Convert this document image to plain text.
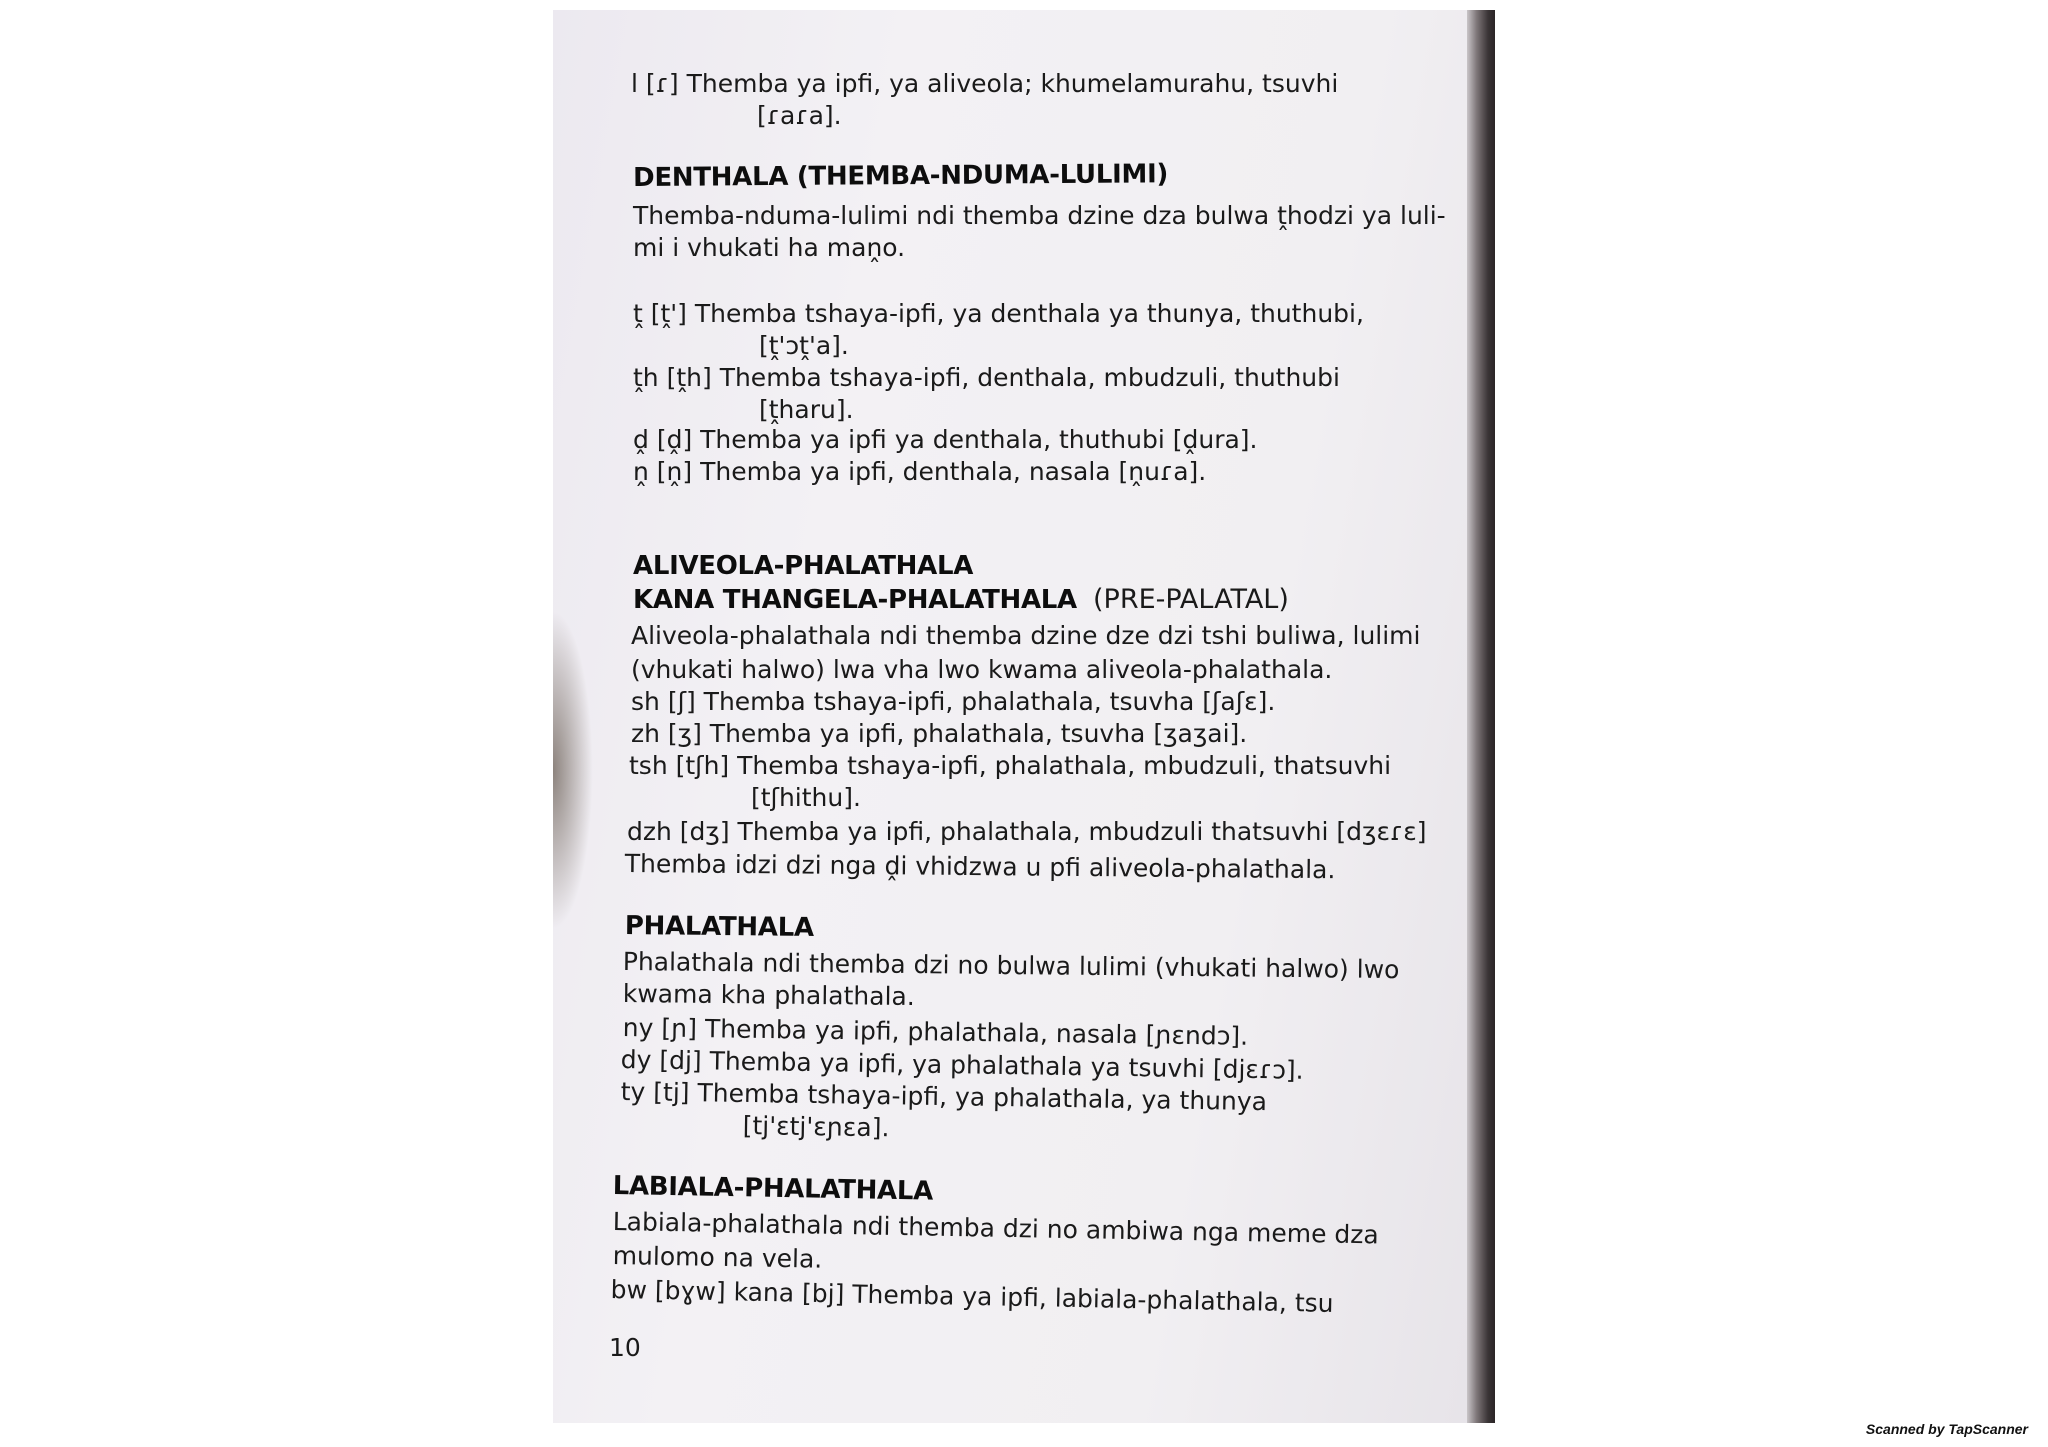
l [ɾ] Themba ya ipfi, ya aliveola; khumelamurahu, tsuvhi
[ɾaɾa].
DENTHALA (THEMBA-NDUMA-LULIMI)
Themba-nduma-lulimi ndi themba dzine dza bulwa ṱhodzi ya luli-
mi i vhukati ha maṋo.
ṱ [ṱ'] Themba tshaya-ipfi, ya denthala ya thunya, thuthubi,
[ṱ'ɔṱ'a].
ṱh [ṱh] Themba tshaya-ipfi, denthala, mbudzuli, thuthubi
[ṱharu].
ḓ [ḓ] Themba ya ipfi ya denthala, thuthubi [ḓura].
ṋ [ṋ] Themba ya ipfi, denthala, nasala [ṋuɾa].
ALIVEOLA-PHALATHALA
KANA THANGELA-PHALATHALA (PRE-PALATAL)
Aliveola-phalathala ndi themba dzine dze dzi tshi buliwa, lulimi
(vhukati halwo) lwa vha lwo kwama aliveola-phalathala.
sh [ʃ] Themba tshaya-ipfi, phalathala, tsuvha [ʃaʃɛ].
zh [ʒ] Themba ya ipfi, phalathala, tsuvha [ʒaʒai].
tsh [tʃh] Themba tshaya-ipfi, phalathala, mbudzuli, thatsuvhi
[tʃhithu].
dzh [dʒ] Themba ya ipfi, phalathala, mbudzuli thatsuvhi [dʒɛɾɛ]
Themba idzi dzi nga ḓi vhidzwa u pfi aliveola-phalathala.
PHALATHALA
Phalathala ndi themba dzi no bulwa lulimi (vhukati halwo) lwo
kwama kha phalathala.
ny [ɲ] Themba ya ipfi, phalathala, nasala [ɲɛndɔ].
dy [dj] Themba ya ipfi, ya phalathala ya tsuvhi [djɛɾɔ].
ty [tj] Themba tshaya-ipfi, ya phalathala, ya thunya
[tj'ɛtj'ɛɲɛa].
LABIALA-PHALATHALA
Labiala-phalathala ndi themba dzi no ambiwa nga meme dza
mulomo na vela.
bw [bɣw] kana [bj] Themba ya ipfi, labiala-phalathala, tsu
10
Scanned by TapScanner
